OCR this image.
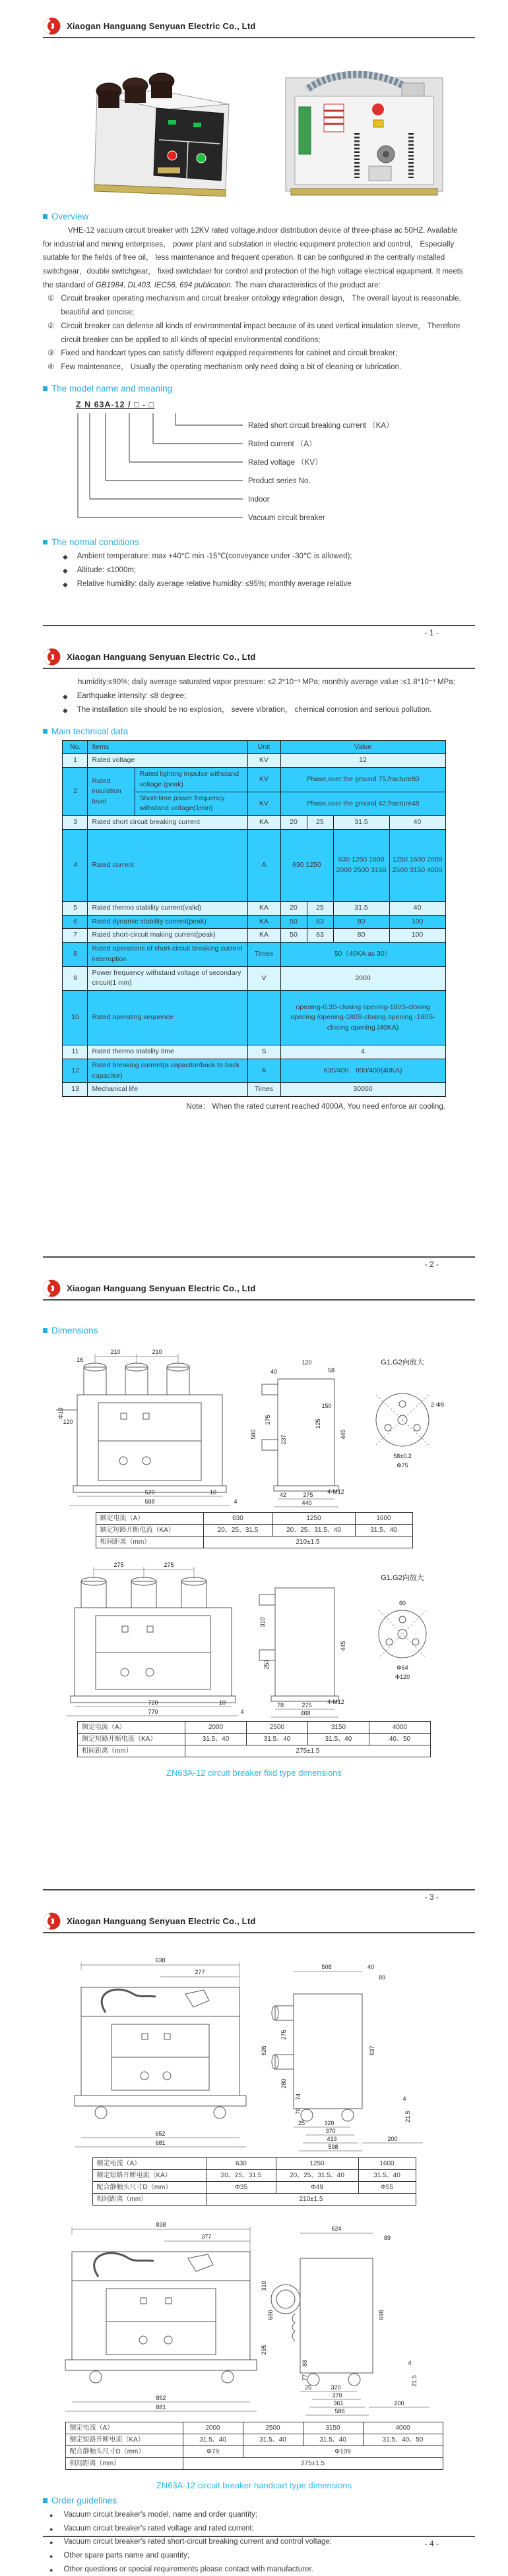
Xiaogan Hanguang Senyuan Electric Co., Ltd
Overview
VHE-12 vacuum circuit breaker with 12KV rated voltage,indoor distribution device of three-phase ac 50HZ. Available for industrial and mining enterprises， power plant and substation in electric equipment protection and control， Especially suitable for the fields of free oil， less maintenance and frequent operation. It can be configured in the centrally installed switchgear，double switchgear， fixed switchdaer for control and protection of the high voltage electrical equipment. It meets the standard of GB1984, DL403, IEC56, 694 publication. The main characteristics of the product are:
① Circuit breaker operating mechanism and circuit breaker ontology integration design， The overall layout is reasonable, beautiful and concise;
② Circuit breaker can defense all kinds of environmental impact because of its used vertical insulation sleeve， Therefore circuit breaker can be applied to all kinds of special environmental conditions;
③ Fixed and handcart types can satisfy different equipped requirements for cabinet and circuit breaker;
④ Few maintenance， Usually the operating mechanism only need doing a bit of cleaning or lubrication.
The model name and meaning
Z N 63A-12 / □ - □
Rated short circuit breaking current （KA）
Rated current （A）
Rated voltage （KV）
Product series No.
Indoor
Vacuum circuit breaker
The normal conditions
◆ Ambient temperature: max +40°C min -15℃(conveyance under -30℃ is allowed);
◆ Altitude: ≤1000m;
◆ Relative humidity: daily average relative humidity: ≤95%; monthly average relative
- 1 -
Xiaogan Hanguang Senyuan Electric Co., Ltd
humidity:≤90%; daily average saturated vapor pressure: ≤2.2*10⁻³ MPa; monthly average value :≤1.8*10⁻³ MPa;
◆ Earthquake intensity: ≤8 degree;
◆ The installation site should be no explosion， severe vibration， chemical corrosion and serious pollution.
Main technical data
No.	Items		Unit	Value			
1	Rated voltage		KV	12			
2	Rated insulation level	Rated lighting impulse withstand voltage (peak)	KV	Phase,over the ground 75,fracture80			
		Short-time power frequency withstand voltage(1min)	KV	Phase,over the ground 42,fracture48			
3	Rated short circuit breaking current		KA	20	25	31.5	40
4	Rated current		A	630 1250		630 1250 1600 2000 2500 3150	1250 1600 2000 2500 3150 4000
5	Rated thermo stability current(valid)		KA	20	25	31.5	40
6	Rated dynamic stability current(peak)		KA	50	63	80	100
7	Rated short-circuit making current(peak)		KA	50	63	80	100
8	Rated operations of short-circuit breaking current interruption		Times	50（40KA as 30）			
9	Power frequency withstand voltage of secondary circuit(1 min)		V	2000			
10	Rated operating sequence			opening-0.3S-closing opening-180S-closing opening /opening-180S-closing opening -180S- closing opening (40KA)			
11	Rated thermo stability time		S	4			
12	Rated breaking current(a capacitor/back to back capacitor)		A	630/400　800/400(40KA)			
13	Mechanical life		Times	30000			
Note： When the rated current reached 4000A, You need enforce air cooling.
- 2 -
Xiaogan Hanguang Senyuan Electric Co., Ltd
Dimensions
210	210
16
Φ10
120
520
588
10
4
580
275
237
120
58
40
445
42	275
440
4-M12
150
125
2-Φ9
58±0.2
Φ75
G1.G2向放大
额定电流（A）	630	1250	1600
额定短路开断电流（KA）	20、25、31.5	20、25、31.5、40	31.5、40
相间距离（mm）	210±1.5		
275	275
720
770
10
4
310
253
445
78	275
468
4-M12
60
Φ64
Φ120
G1.G2向放大
额定电流（A）	2000	2500	3150	4000
额定短路开断电流（KA）	31.5、40	31.5、40	31.5、40	40、50
相间距离（mm）	275±1.5			
ZN63A-12 circuit breaker fixd type dimensions
- 3 -
Xiaogan Hanguang Senyuan Electric Co., Ltd
638
277
652
681
508	40
89
626
275
280
637
74
76
25	320
370
433
598
200
21.5
4
额定电流（A）	630	1250	1600
额定短路开断电流（KA）	20、25、31.5	20、25、31.5、40	31.5、40
配合静触头尺寸D（mm）	Φ35	Φ49	Φ55
相间距离（mm）	210±1.5		
838
377
852
881
624
89
680
310
295
88
77
698
25	320
370
361
586
200
21.5
4
额定电流（A）	2000	2500	3150	4000
额定短路开断电流（KA）	31.5、40	31.5、40	31.5、40	31.5、40、50
配合静触头尺寸D（mm）	Φ79	Φ109		
相间距离（mm）	275±1.5			
ZN63A-12 circuit breaker handcart type dimensions
Order guidelines
● Vacuum circuit breaker's model, name and order quantity;
● Vacuum circuit breaker's rated voltage and rated current;
● Vacuum circuit breaker's rated short-circuit breaking current and control voltage;
● Other spare parts name and quantity;
● Other questions or special requirements please contact with manufacturer.
- 4 -
